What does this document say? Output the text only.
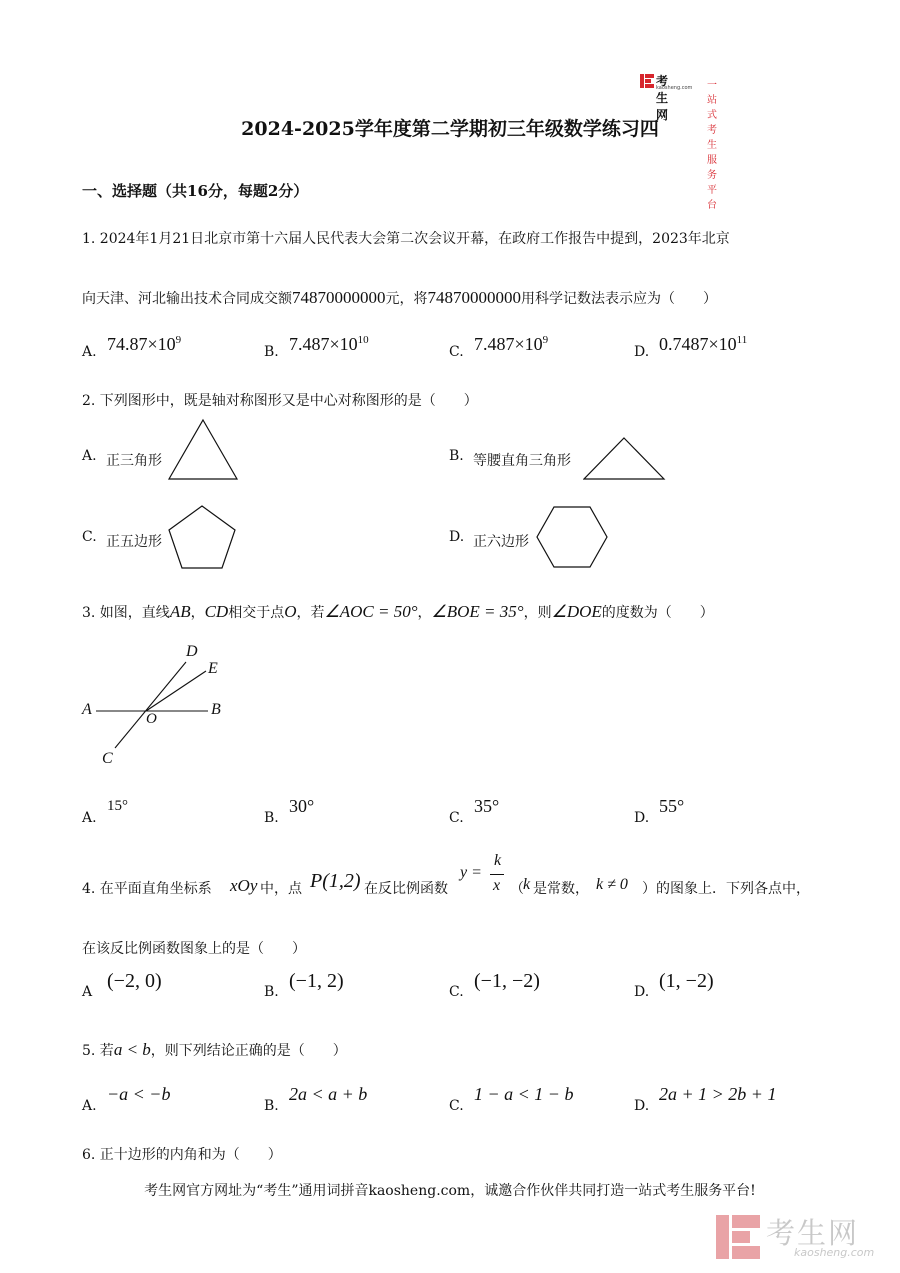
考生网
kaosheng.com 一站式考生服务平台
2024-2025学年度第二学期初三年级数学练习四
一、选择题（共16分，每题2分）
1. 2024年1月21日北京市第十六届人民代表大会第二次会议开幕，在政府工作报告中提到，2023年北京
向天津、河北输出技术合同成交额74870000000元，将74870000000用科学记数法表示应为（　　）
A. $74.87\times 10^9$
B. $7.487\times 10^{10}$
C. $7.487\times 10^9$
D. $0.7487\times 10^{11}$
2. 下列图形中，既是轴对称图形又是中心对称图形的是（　　）
A. 正三角形	B. 等腰直角三角形
C. 正五边形	D. 正六边形
3. 如图，直线AB，CD相交于点O，若∠AOC = 50°，∠BOE = 35°，则∠DOE的度数为（　　）
A	B
C
D
E
O
A.
15°
B.
30°
C.
35°
D.
55°
4. 在平面直角坐标系 xOy 中，点 P(1,2) 在反比例函数
y =
k
x （ k 是常数， k ≠ 0 ）的图象上．下列各点中，
在该反比例函数图象上的是（　　）
A (−2, 0)	B. (−1, 2)	C. (−1, −2)	D. (1, −2)
5. 若a < b，则下列结论正确的是（　　）
A.
−a < −b
B.
2a < a + b
C.
1 − a < 1 − b
D.
2a + 1 > 2b + 1
6. 正十边形的内角和为（　　）
考生网官方网址为“考生”通用词拼音kaosheng.com，诚邀合作伙伴共同打造一站式考生服务平台!
考生网
kaosheng.com
